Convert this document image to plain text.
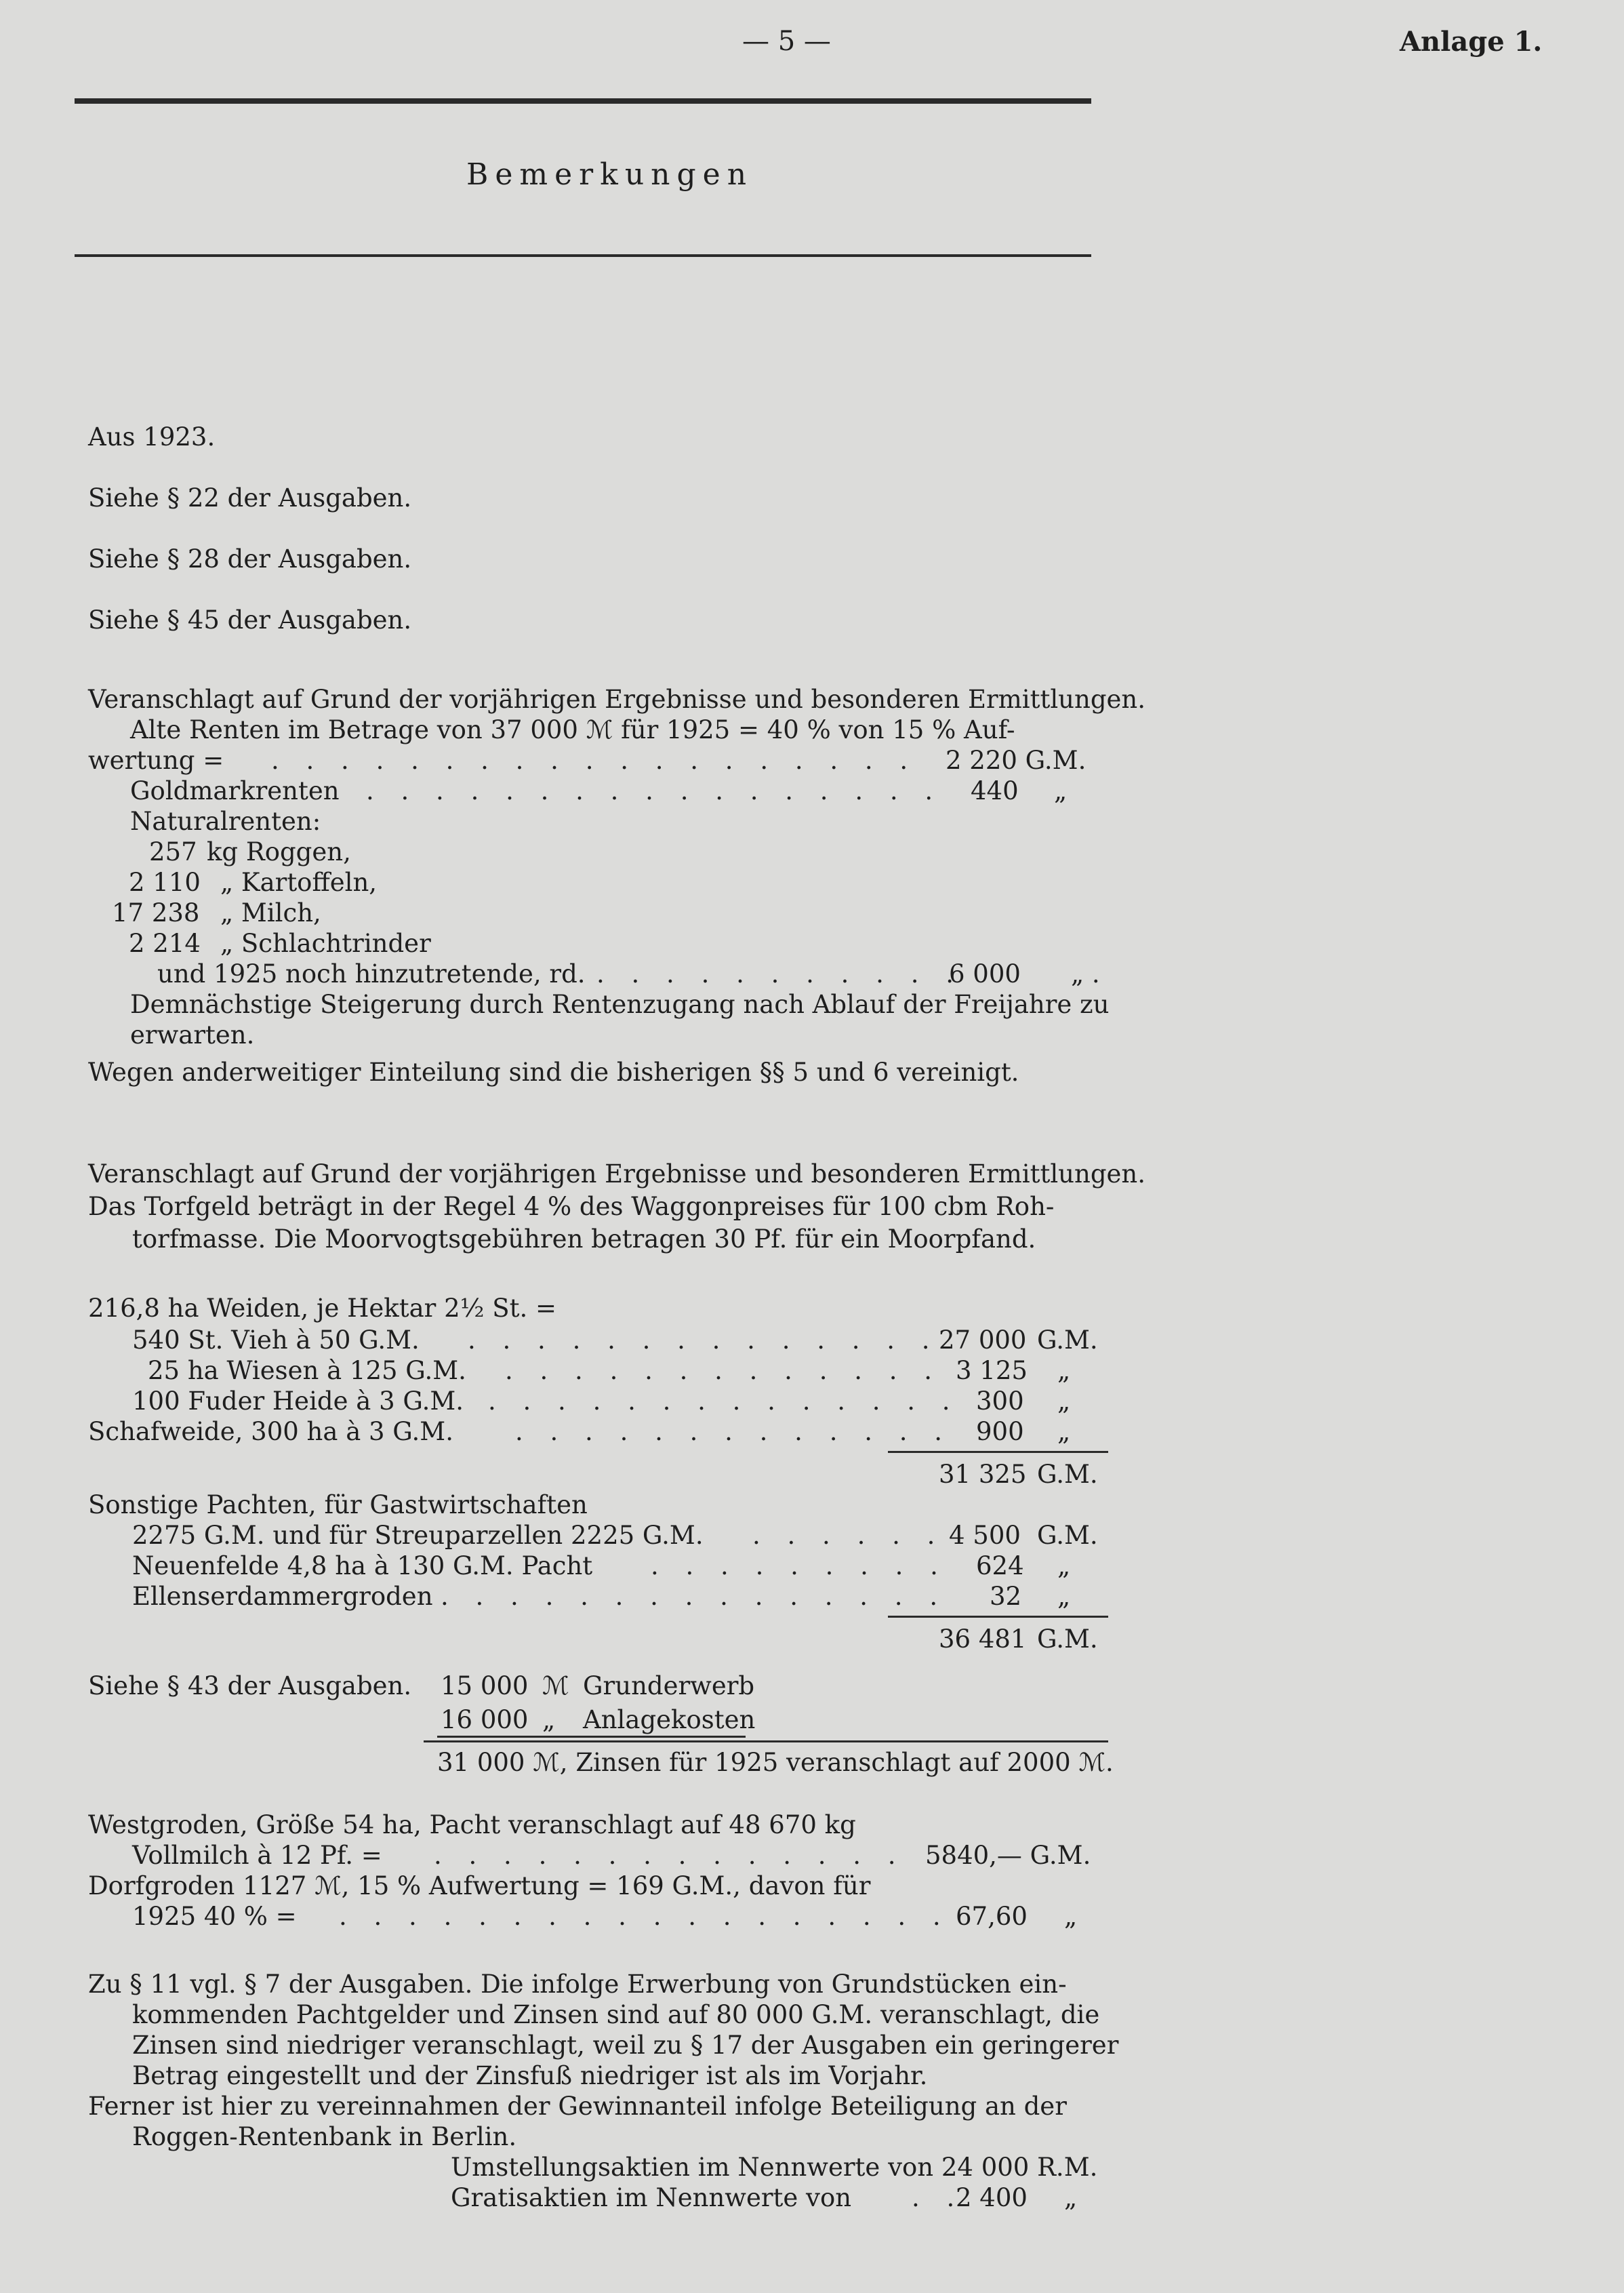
— 5 —	Anlage 1.
Bemerkungen
Aus 1923.
Siehe § 22 der Ausgaben.
Siehe § 28 der Ausgaben.
Siehe § 45 der Ausgaben.
Veranschlagt auf Grund der vorjährigen Ergebnisse und besonderen Ermittlungen.
Alte Renten im Betrage von 37 000 ℳ für 1925 = 40 % von 15 % Auf-
wertung = . . . . . . . . . . . . . . . . . . . 2 220 G.M.
Goldmarkrenten . . . . . . . . . . . . . . . . . 440 „
Naturalrenten:
257 kg Roggen,
2 110 „ Kartoffeln,
17 238 „ Milch,
2 214 „ Schlachtrinder
und 1925 noch hinzutretende, rd. . . . . . . . . . . .
6 000 „ .
Demnächstige Steigerung durch Rentenzugang nach Ablauf der Freijahre zu
erwarten.
Wegen anderweitiger Einteilung sind die bisherigen §§ 5 und 6 vereinigt.
Veranschlagt auf Grund der vorjährigen Ergebnisse und besonderen Ermittlungen.
Das Torfgeld beträgt in der Regel 4 % des Waggonpreises für 100 cbm Roh-
torfmasse. Die Moorvogtsgebühren betragen 30 Pf. für ein Moorpfand.
216,8 ha Weiden, je Hektar 2½ St. =
540 St. Vieh à 50 G.M. . . . . . . . . . . . . . . 27 000 G.M.
25 ha Wiesen à 125 G.M. . . . . . . . . . . . . . 3 125 „
100 Fuder Heide à 3 G.M. . . . . . . . . . . . . . . 300 „
Schafweide, 300 ha à 3 G.M. . . . . . . . . . . . . . 900 „
31 325 G.M.
Sonstige Pachten, für Gastwirtschaften
2275 G.M. und für Streuparzellen 2225 G.M. . . . . . . 4 500 G.M.
Neuenfelde 4,8 ha à 130 G.M. Pacht . . . . . . . . . 624 „
Ellenserdammergroden . . . . . . . . . . . . . . . 32 „
36 481 G.M.
Siehe § 43 der Ausgaben. 15 000 ℳ Grunderwerb
16 000 „ Anlagekosten
31 000 ℳ, Zinsen für 1925 veranschlagt auf 2000 ℳ.
Westgroden, Größe 54 ha, Pacht veranschlagt auf 48 670 kg
Vollmilch à 12 Pf. = . . . . . . . . . . . . . . 5840,— G.M.
Dorfgroden 1127 ℳ, 15 % Aufwertung = 169 G.M., davon für
1925 40 % = . . . . . . . . . . . . . . . . . . 67,60 „
Zu § 11 vgl. § 7 der Ausgaben. Die infolge Erwerbung von Grundstücken ein-
kommenden Pachtgelder und Zinsen sind auf 80 000 G.M. veranschlagt, die
Zinsen sind niedriger veranschlagt, weil zu § 17 der Ausgaben ein geringerer
Betrag eingestellt und der Zinsfuß niedriger ist als im Vorjahr.
Ferner ist hier zu vereinnahmen der Gewinnanteil infolge Beteiligung an der
Roggen-Rentenbank in Berlin.
Umstellungsaktien im Nennwerte von 24 000 R.M.
Gratisaktien im Nennwerte von . .
2 400 „
